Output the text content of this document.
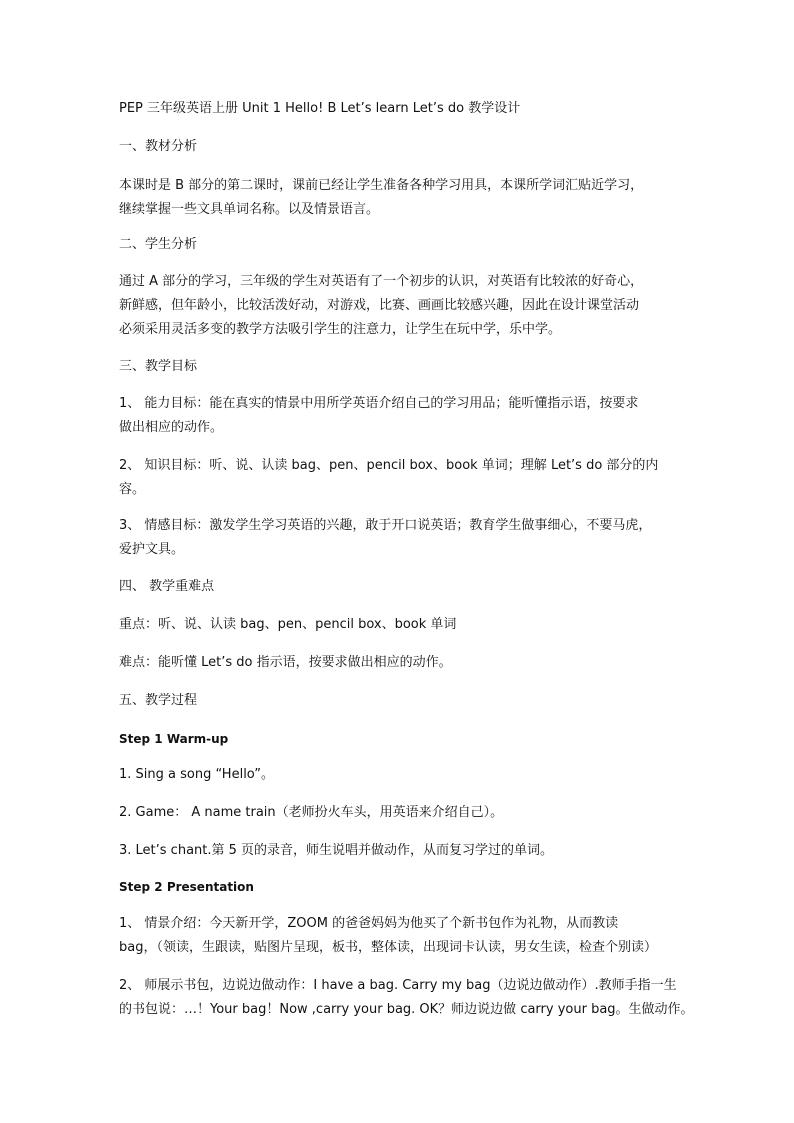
PEP 三年级英语上册 Unit 1 Hello! B Let’s learn Let’s do 教学设计

一、教材分析

本课时是 B 部分的第二课时，课前已经让学生准备各种学习用具，本课所学词汇贴近学习，
继续掌握一些文具单词名称。以及情景语言。

二、学生分析

通过 A 部分的学习，三年级的学生对英语有了一个初步的认识，对英语有比较浓的好奇心，
新鲜感，但年龄小，比较活泼好动，对游戏，比赛、画画比较感兴趣，因此在设计课堂活动
必须采用灵活多变的教学方法吸引学生的注意力，让学生在玩中学，乐中学。

三、教学目标

1、 能力目标：能在真实的情景中用所学英语介绍自己的学习用品；能听懂指示语，按要求
做出相应的动作。
2、 知识目标：听、说、认读 bag、pen、pencil box、book 单词；理解 Let’s do 部分的内
容。
3、 情感目标：激发学生学习英语的兴趣，敢于开口说英语；教育学生做事细心，不要马虎，
爱护文具。

四、 教学重难点

重点：听、说、认读 bag、pen、pencil box、book 单词

难点：能听懂 Let’s do 指示语，按要求做出相应的动作。

五、教学过程

Step 1 Warm-up

1. Sing a song “Hello”。

2. Game： A name train（老师扮火车头，用英语来介绍自己）。

3. Let’s chant.第 5 页的录音，师生说唱并做动作，从而复习学过的单词。

Step 2 Presentation

1、 情景介绍：今天新开学，ZOOM 的爸爸妈妈为他买了个新书包作为礼物，从而教读
bag，（领读，生跟读，贴图片呈现，板书，整体读，出现词卡认读，男女生读，检查个别读）
2、 师展示书包，边说边做动作：I have a bag. Carry my bag（边说边做动作）.教师手指一生
的书包说：…！Your bag！Now ,carry your bag. OK？师边说边做 carry your bag。生做动作。
